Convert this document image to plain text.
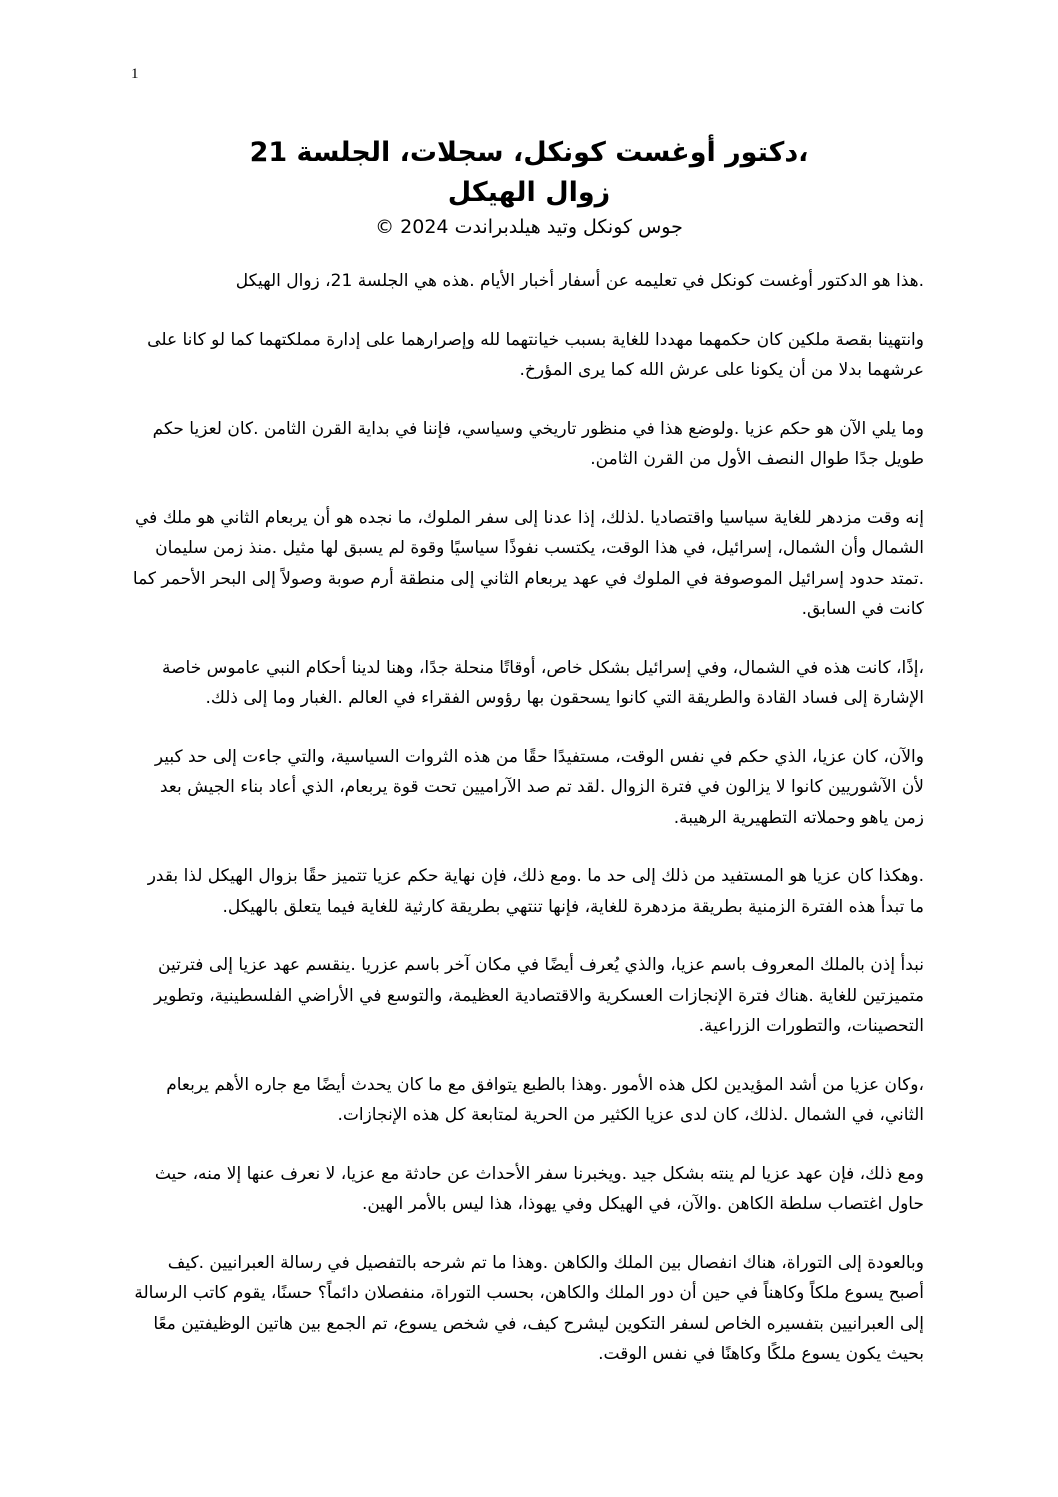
1
،دكتور أوغست كونكل، سجلات، الجلسة 21
زوال الهيكل
جوس كونكل وتيد هيلدبراندت 2024 ©

.هذا هو الدكتور أوغست كونكل في تعليمه عن أسفار أخبار الأيام .هذه هي الجلسة 21، زوال الهيكل

وانتهينا بقصة ملكين كان حكمهما مهددا للغاية بسبب خيانتهما لله وإصرارهما على إدارة مملكتهما كما لو كانا على عرشهما بدلا من أن يكونا على عرش الله كما يرى المؤرخ.

وما يلي الآن هو حكم عزيا .ولوضع هذا في منظور تاريخي وسياسي، فإننا في بداية القرن الثامن .كان لعزيا حكم طويل جدًا طوال النصف الأول من القرن الثامن.

إنه وقت مزدهر للغاية سياسيا واقتصاديا .لذلك، إذا عدنا إلى سفر الملوك، ما نجده هو أن يربعام الثاني هو ملك في الشمال وأن الشمال، إسرائيل، في هذا الوقت، يكتسب نفوذًا سياسيًا وقوة لم يسبق لها مثيل .منذ زمن سليمان .تمتد حدود إسرائيل الموصوفة في الملوك في عهد يربعام الثاني إلى منطقة أرم صوبة وصولاً إلى البحر الأحمر كما كانت في السابق.

،إذًا، كانت هذه في الشمال، وفي إسرائيل بشكل خاص، أوقاتًا منحلة جدًا، وهنا لدينا أحكام النبي عاموس خاصة الإشارة إلى فساد القادة والطريقة التي كانوا يسحقون بها رؤوس الفقراء في العالم .الغبار وما إلى ذلك.

والآن، كان عزيا، الذي حكم في نفس الوقت، مستفيدًا حقًا من هذه الثروات السياسية، والتي جاءت إلى حد كبير لأن الآشوريين كانوا لا يزالون في فترة الزوال .لقد تم صد الآراميين تحت قوة يربعام، الذي أعاد بناء الجيش بعد زمن ياهو وحملاته التطهيرية الرهيبة.

.وهكذا كان عزيا هو المستفيد من ذلك إلى حد ما .ومع ذلك، فإن نهاية حكم عزيا تتميز حقًا بزوال الهيكل لذا بقدر ما تبدأ هذه الفترة الزمنية بطريقة مزدهرة للغاية، فإنها تنتهي بطريقة كارثية للغاية فيما يتعلق بالهيكل.

نبدأ إذن بالملك المعروف باسم عزيا، والذي يُعرف أيضًا في مكان آخر باسم عزريا .ينقسم عهد عزيا إلى فترتين متميزتين للغاية .هناك فترة الإنجازات العسكرية والاقتصادية العظيمة، والتوسع في الأراضي الفلسطينية، وتطوير التحصينات، والتطورات الزراعية.

،وكان عزيا من أشد المؤيدين لكل هذه الأمور .وهذا بالطبع يتوافق مع ما كان يحدث أيضًا مع جاره الأهم يربعام الثاني، في الشمال .لذلك، كان لدى عزيا الكثير من الحرية لمتابعة كل هذه الإنجازات.

ومع ذلك، فإن عهد عزيا لم ينته بشكل جيد .ويخبرنا سفر الأحداث عن حادثة مع عزيا، لا نعرف عنها إلا منه، حيث حاول اغتصاب سلطة الكاهن .والآن، في الهيكل وفي يهوذا، هذا ليس بالأمر الهين.

وبالعودة إلى التوراة، هناك انفصال بين الملك والكاهن .وهذا ما تم شرحه بالتفصيل في رسالة العبرانيين .كيف أصبح يسوع ملكاً وكاهناً في حين أن دور الملك والكاهن، بحسب التوراة، منفصلان دائماً؟ حسنًا، يقوم كاتب الرسالة إلى العبرانيين بتفسيره الخاص لسفر التكوين ليشرح كيف، في شخص يسوع، تم الجمع بين هاتين الوظيفتين معًا بحيث يكون يسوع ملكًا وكاهنًا في نفس الوقت.
